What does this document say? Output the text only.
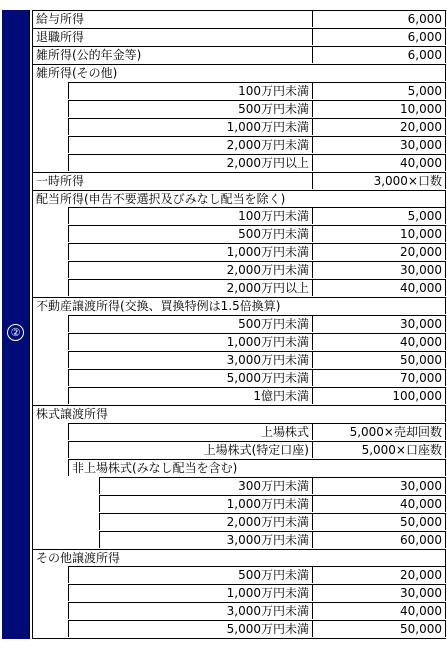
②
給与所得	6,000
退職所得	6,000
雑所得(公的年金等)	6,000
雑所得(その他)
100万円未満	5,000
500万円未満	10,000
1,000万円未満	20,000
2,000万円未満	30,000
2,000万円以上	40,000
一時所得	3,000×口数
配当所得(申告不要選択及びみなし配当を除く)
100万円未満	5,000
500万円未満	10,000
1,000万円未満	20,000
2,000万円未満	30,000
2,000万円以上	40,000
不動産譲渡所得(交換、買換特例は1.5倍換算)
500万円未満	30,000
1,000万円未満	40,000
3,000万円未満	50,000
5,000万円未満	70,000
1億円未満	100,000
株式譲渡所得
上場株式	5,000×売却回数
上場株式(特定口座)	5,000×口座数
非上場株式(みなし配当を含む)
300万円未満	30,000
1,000万円未満	40,000
2,000万円未満	50,000
3,000万円未満	60,000
その他譲渡所得
500万円未満	20,000
1,000万円未満	30,000
3,000万円未満	40,000
5,000万円未満	50,000
